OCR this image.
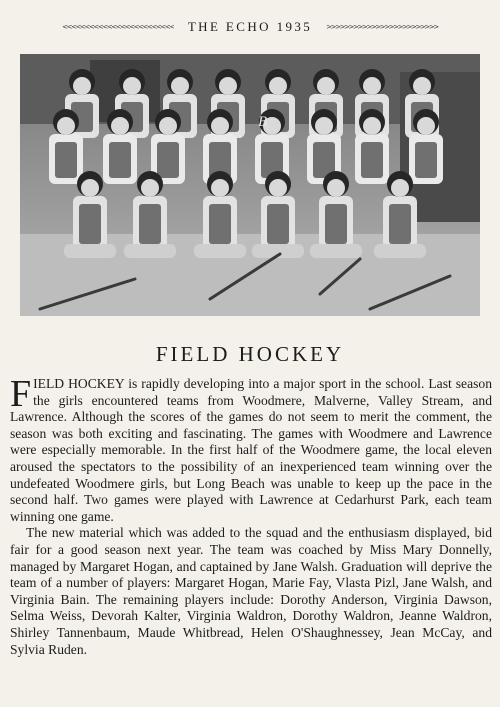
<<<<<<<<<<<<<<<<<<<<<<<<< THE ECHO 1935 >>>>>>>>>>>>>>>>>>>>>>>>>
B
FIELD HOCKEY

FIELD HOCKEY is rapidly developing into a major sport in the school. Last season the girls encountered teams from Woodmere, Malverne, Valley Stream, and Lawrence. Although the scores of the games do not seem to merit the comment, the season was both exciting and fascinating. The games with Woodmere and Lawrence were especially memorable. In the first half of the Woodmere game, the local eleven aroused the spectators to the possibility of an inexperienced team winning over the undefeated Woodmere girls, but Long Beach was unable to keep up the pace in the second half. Two games were played with Lawrence at Cedarhurst Park, each team winning one game.

The new material which was added to the squad and the enthusiasm displayed, bid fair for a good season next year. The team was coached by Miss Mary Donnelly, managed by Margaret Hogan, and captained by Jane Walsh. Graduation will deprive the team of a number of players: Margaret Hogan, Marie Fay, Vlasta Pizl, Jane Walsh, and Virginia Bain. The remaining players include: Dorothy Anderson, Virginia Dawson, Selma Weiss, Devorah Kalter, Virginia Waldron, Dorothy Waldron, Jeanne Waldron, Shirley Tannenbaum, Maude Whitbread, Helen O'Shaughnessey, Jean McCay, and Sylvia Ruden.
